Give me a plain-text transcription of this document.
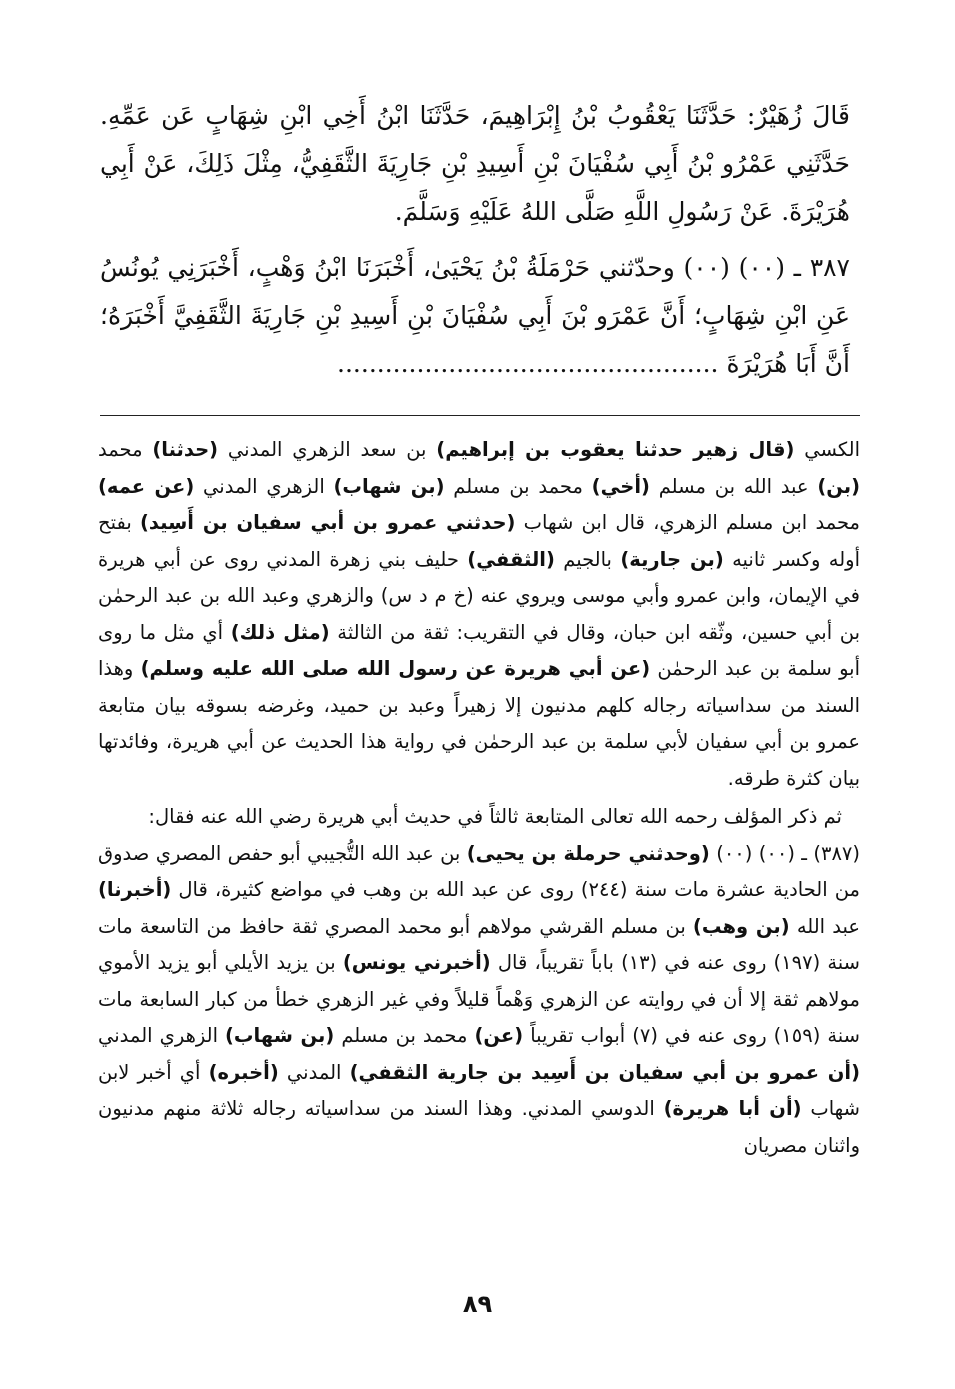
قَالَ زُهَيْرٌ: حَدَّثَنَا يَعْقُوبُ بْنُ إِبْرَاهِيمَ، حَدَّثَنَا ابْنُ أَخِي ابْنِ شِهَابٍ عَن عَمِّهِ. حَدَّثَنِي عَمْرُو بْنُ أَبِي سُفْيَانَ بْنِ أَسِيدِ بْنِ جَارِيَةَ الثَّقَفِيُّ، مِثْلَ ذَلِكَ، عَنْ أَبِي هُرَيْرَةَ. عَنْ رَسُولِ اللَّهِ صَلَّى اللهُ عَلَيْهِ وَسَلَّمَ.

٣٨٧ ـ (٠٠) (٠٠) وحدّثني حَرْمَلَةُ بْنُ يَحْيَىٰ، أَخْبَرَنَا ابْنُ وَهْبٍ، أَخْبَرَنِي يُونُسُ عَنِ ابْنِ شِهَابٍ؛ أَنَّ عَمْرَو بْنَ أَبِي سُفْيَانَ بْنِ أَسِيدِ بْنِ جَارِيَةَ الثَّقَفِيَّ أَخْبَرَهُ؛ أَنَّ أَبَا هُرَيْرَةَ ................................................

الكسي (قال زهير حدثنا يعقوب بن إبراهيم) بن سعد الزهري المدني (حدثنا) محمد (بن) عبد الله بن مسلم (أخي) محمد بن مسلم (بن شهاب) الزهري المدني (عن عمه) محمد ابن مسلم الزهري، قال ابن شهاب (حدثني عمرو بن أبي سفيان بن أَسِيد) بفتح أوله وكسر ثانيه (بن جارية) بالجيم (الثقفي) حليف بني زهرة المدني روى عن أبي هريرة في الإيمان، وابن عمرو وأبي موسى ويروي عنه (خ م د س) والزهري وعبد الله بن عبد الرحمٰن بن أبي حسين، وثّقه ابن حبان، وقال في التقريب: ثقة من الثالثة (مثل ذلك) أي مثل ما روى أبو سلمة بن عبد الرحمٰن (عن أبي هريرة عن رسول الله صلى الله عليه وسلم) وهذا السند من سداسياته رجاله كلهم مدنيون إلا زهيراً وعبد بن حميد، وغرضه بسوقه بيان متابعة عمرو بن أبي سفيان لأبي سلمة بن عبد الرحمٰن في رواية هذا الحديث عن أبي هريرة، وفائدتها بيان كثرة طرقه.

ثم ذكر المؤلف رحمه الله تعالى المتابعة ثالثاً في حديث أبي هريرة رضي الله عنه فقال:

(٣٨٧) ـ (٠٠) (٠٠) (وحدثني حرملة بن يحيى) بن عبد الله التُّجيبي أبو حفص المصري صدوق من الحادية عشرة مات سنة (٢٤٤) روى عن عبد الله بن وهب في مواضع كثيرة، قال (أخبرنا) عبد الله (بن وهب) بن مسلم القرشي مولاهم أبو محمد المصري ثقة حافظ من التاسعة مات سنة (١٩٧) روى عنه في (١٣) باباً تقريباً، قال (أخبرني يونس) بن يزيد الأيلي أبو يزيد الأموي مولاهم ثقة إلا أن في روايته عن الزهري وَهْماً قليلاً وفي غير الزهري خطأ من كبار السابعة مات سنة (١٥٩) روى عنه في (٧) أبواب تقريباً (عن) محمد بن مسلم (بن شهاب) الزهري المدني (أن عمرو بن أبي سفيان بن أَسِيد بن جارية الثقفي) المدني (أخبره) أي أخبر لابن شهاب (أن أبا هريرة) الدوسي المدني. وهذا السند من سداسياته رجاله ثلاثة منهم مدنيون واثنان مصريان

٨٩
